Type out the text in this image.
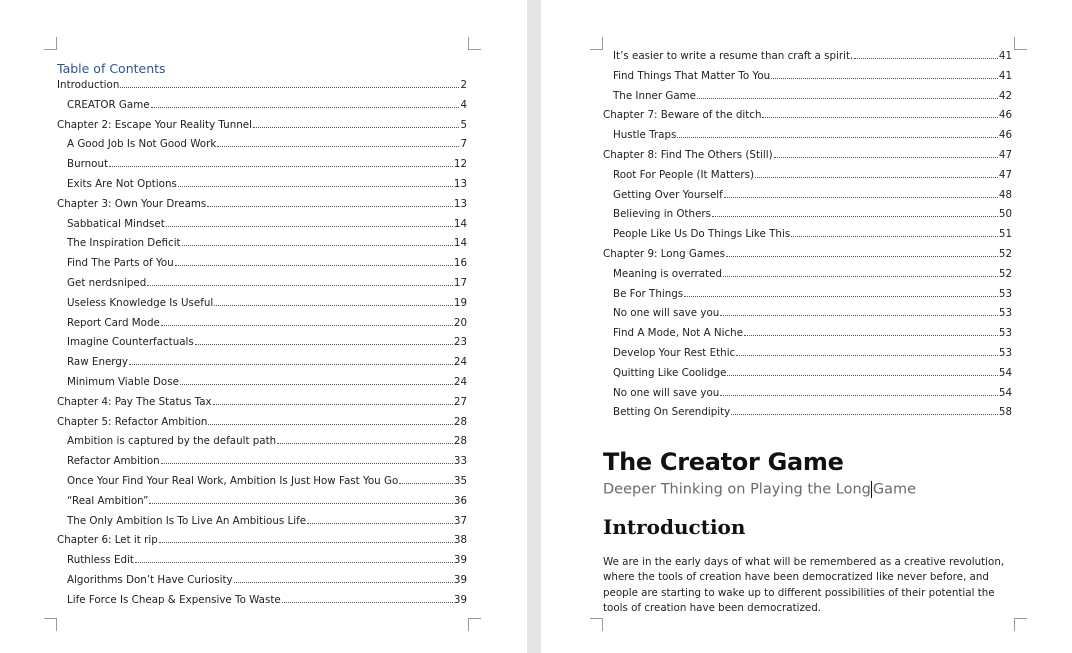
Table of Contents
Introduction	2
CREATOR Game	4
Chapter 2: Escape Your Reality Tunnel	5
A Good Job Is Not Good Work	7
Burnout	12
Exits Are Not Options	13
Chapter 3: Own Your Dreams	13
Sabbatical Mindset	14
The Inspiration Deficit	14
Find The Parts of You	16
Get nerdsniped	17
Useless Knowledge Is Useful	19
Report Card Mode	20
Imagine Counterfactuals	23
Raw Energy	24
Minimum Viable Dose	24
Chapter 4: Pay The Status Tax	27
Chapter 5: Refactor Ambition	28
Ambition is captured by the default path	28
Refactor Ambition	33
Once Your Find Your Real Work, Ambition Is Just How Fast You Go	35
“Real Ambition”	36
The Only Ambition Is To Live An Ambitious Life	37
Chapter 6: Let it rip	38
Ruthless Edit	39
Algorithms Don’t Have Curiosity	39
Life Force Is Cheap & Expensive To Waste	39
It’s easier to write a resume than craft a spirit.	41
Find Things That Matter To You	41
The Inner Game	42
Chapter 7: Beware of the ditch	46
Hustle Traps	46
Chapter 8: Find The Others (Still)	47
Root For People (It Matters)	47
Getting Over Yourself	48
Believing in Others	50
People Like Us Do Things Like This	51
Chapter 9: Long Games	52
Meaning is overrated	52
Be For Things	53
No one will save you	53
Find A Mode, Not A Niche	53
Develop Your Rest Ethic	53
Quitting Like Coolidge	54
No one will save you	54
Betting On Serendipity	58
The Creator Game
Deeper Thinking on Playing the Long Game
Introduction

We are in the early days of what will be remembered as a creative revolution, where the tools of creation have been democratized like never before, and people are starting to wake up to different possibilities of their potential the tools of creation have been democratized.
